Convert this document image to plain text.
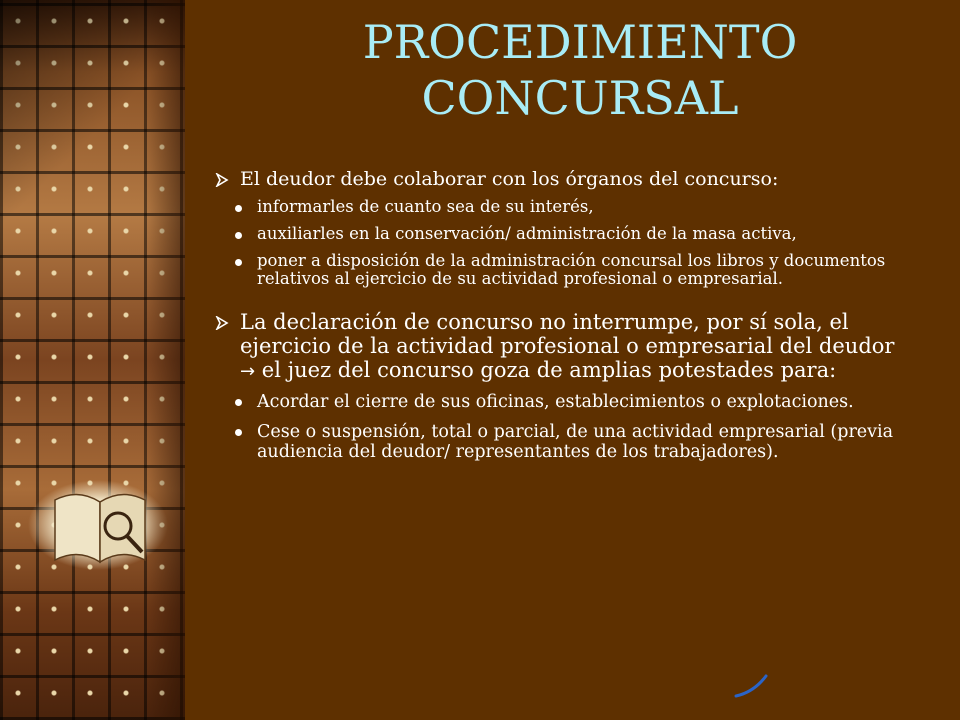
PROCEDIMIENTO
CONCURSAL
El deudor debe colaborar con los órganos del concurso:
informarles de cuanto sea de su interés,
auxiliarles en la conservación/ administración de la masa activa,
poner a disposición de la administración concursal los libros y documentos relativos al ejercicio de su actividad profesional o empresarial.
La declaración de concurso no interrumpe, por sí sola, el ejercicio de la actividad profesional o empresarial del deudor → el juez del concurso goza de amplias potestades para:
Acordar el cierre de sus oficinas, establecimientos o explotaciones.
Cese o suspensión, total o parcial, de una actividad empresarial (previa audiencia del deudor/ representantes de los trabajadores).
